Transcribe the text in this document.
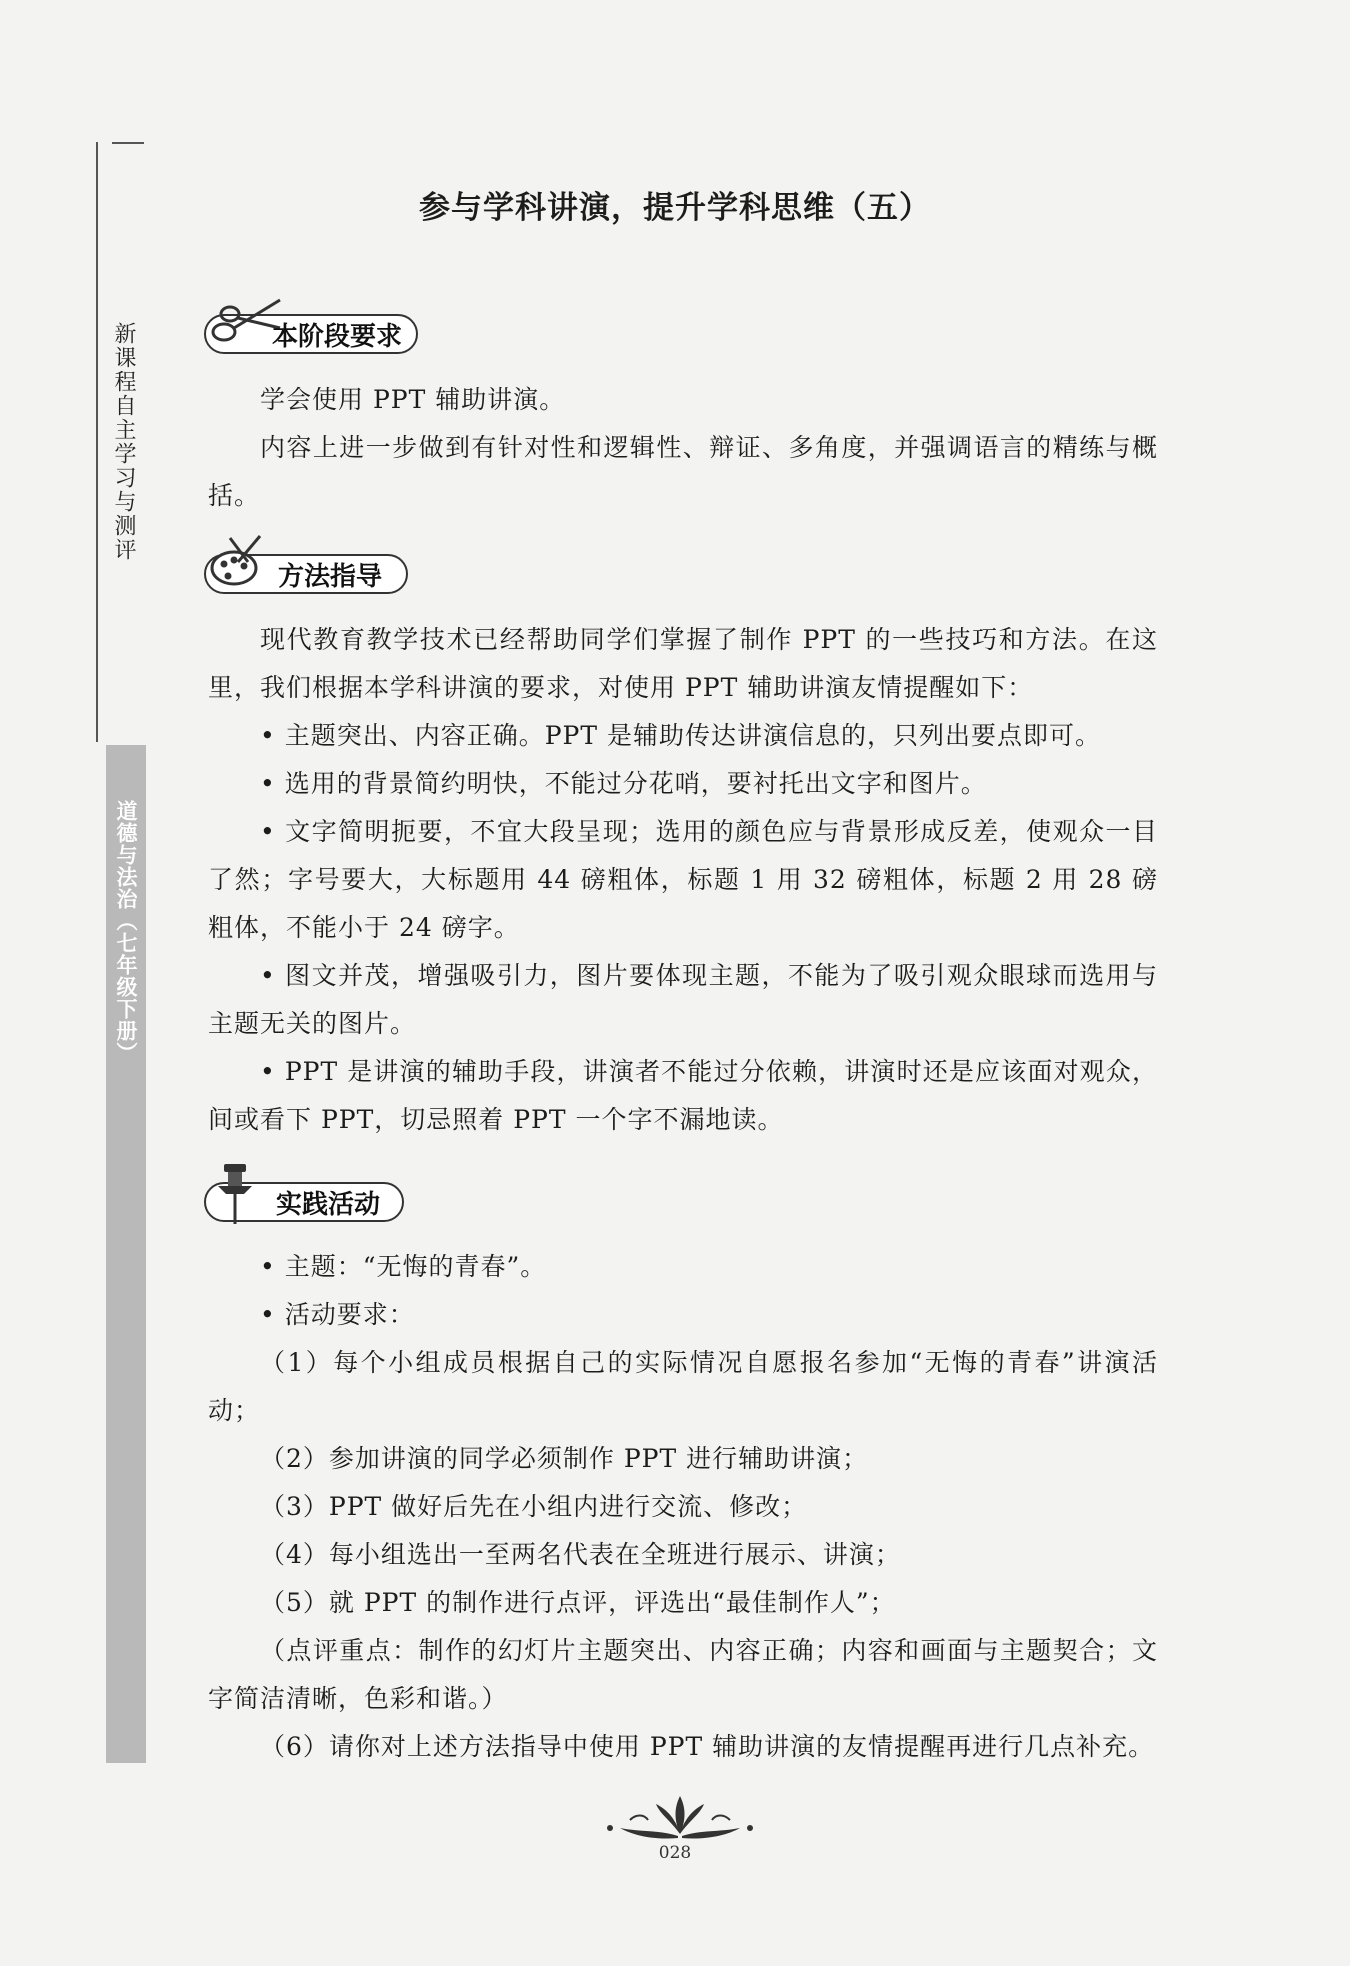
新课程自主学习与测评
道德与法治（七年级下册）
参与学科讲演，提升学科思维（五）
本阶段要求

学会使用 PPT 辅助讲演。

内容上进一步做到有针对性和逻辑性、辩证、多角度，并强调语言的精练与概括。

方法指导

现代教育教学技术已经帮助同学们掌握了制作 PPT 的一些技巧和方法。在这里，我们根据本学科讲演的要求，对使用 PPT 辅助讲演友情提醒如下：

• 主题突出、内容正确。PPT 是辅助传达讲演信息的，只列出要点即可。

• 选用的背景简约明快，不能过分花哨，要衬托出文字和图片。

• 文字简明扼要，不宜大段呈现；选用的颜色应与背景形成反差，使观众一目了然；字号要大，大标题用 44 磅粗体，标题 1 用 32 磅粗体，标题 2 用 28 磅粗体，不能小于 24 磅字。

• 图文并茂，增强吸引力，图片要体现主题，不能为了吸引观众眼球而选用与主题无关的图片。

• PPT 是讲演的辅助手段，讲演者不能过分依赖，讲演时还是应该面对观众，间或看下 PPT，切忌照着 PPT 一个字不漏地读。

实践活动

• 主题：“无悔的青春”。

• 活动要求：

（1）每个小组成员根据自己的实际情况自愿报名参加“无悔的青春”讲演活动；

（2）参加讲演的同学必须制作 PPT 进行辅助讲演；

（3）PPT 做好后先在小组内进行交流、修改；

（4）每小组选出一至两名代表在全班进行展示、讲演；

（5）就 PPT 的制作进行点评，评选出“最佳制作人”；

（点评重点：制作的幻灯片主题突出、内容正确；内容和画面与主题契合；文字简洁清晰，色彩和谐。）

（6）请你对上述方法指导中使用 PPT 辅助讲演的友情提醒再进行几点补充。

028
